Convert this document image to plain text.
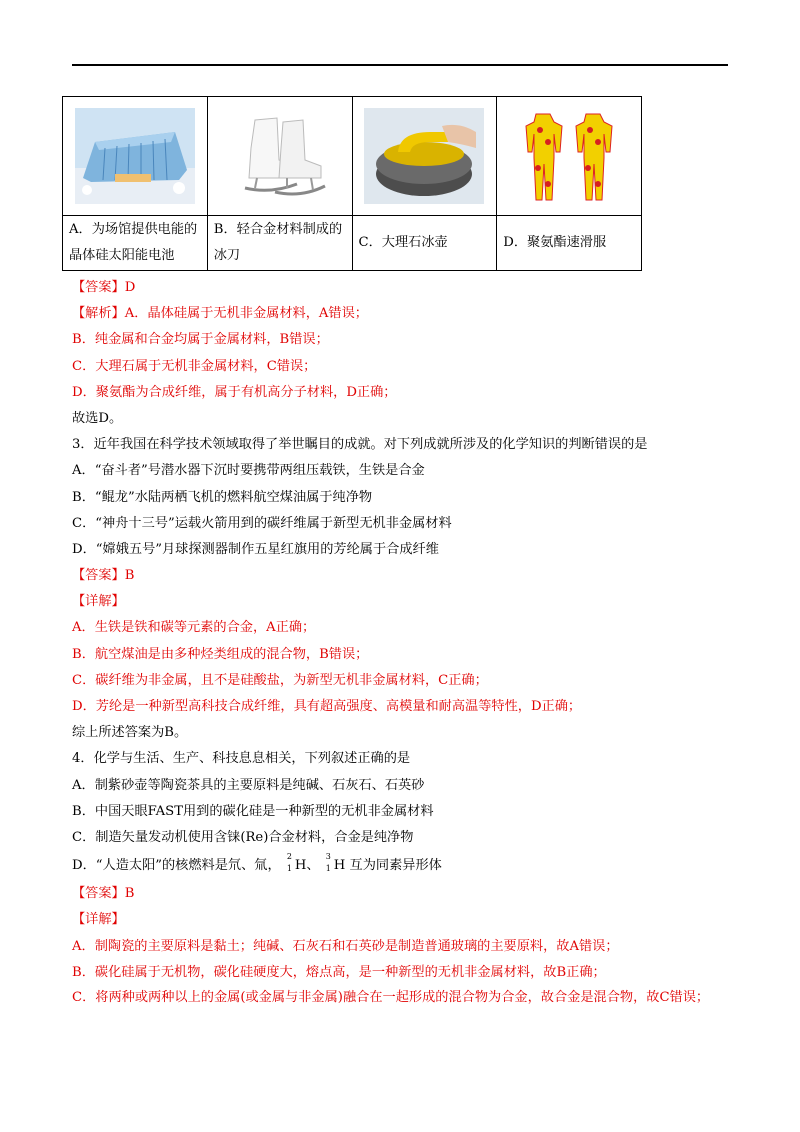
A．为场馆提供电能的晶体硅太阳能电池	B．轻合金材料制成的冰刀	C．大理石冰壶	D．聚氨酯速滑服
【答案】D
【解析】A．晶体硅属于无机非金属材料，A错误；
B．纯金属和合金均属于金属材料，B错误；
C．大理石属于无机非金属材料，C错误；
D．聚氨酯为合成纤维，属于有机高分子材料，D正确；
故选D。
3．近年我国在科学技术领域取得了举世瞩目的成就。对下列成就所涉及的化学知识的判断错误的是
A．“奋斗者”号潜水器下沉时要携带两组压载铁，生铁是合金
B．“鲲龙”水陆两栖飞机的燃料航空煤油属于纯净物
C．“神舟十三号”运载火箭用到的碳纤维属于新型无机非金属材料
D．“嫦娥五号”月球探测器制作五星红旗用的芳纶属于合成纤维
【答案】B
【详解】
A．生铁是铁和碳等元素的合金，A正确；
B．航空煤油是由多种烃类组成的混合物，B错误；
C．碳纤维为非金属，且不是硅酸盐，为新型无机非金属材料，C正确；
D．芳纶是一种新型高科技合成纤维，具有超高强度、高模量和耐高温等特性，D正确；
综上所述答案为B。
4．化学与生活、生产、科技息息相关，下列叙述正确的是
A．制紫砂壶等陶瓷茶具的主要原料是纯碱、石灰石、石英砂
B．中国天眼FAST用到的碳化硅是一种新型的无机非金属材料
C．制造矢量发动机使用含铼(Re)合金材料，合金是纯净物
D．“人造太阳”的核燃料是氘、氚，
2
1 H、
3
1 H 互为同素异形体
【答案】B
【详解】
A．制陶瓷的主要原料是黏土；纯碱、石灰石和石英砂是制造普通玻璃的主要原料，故A错误；
B．碳化硅属于无机物，碳化硅硬度大，熔点高，是一种新型的无机非金属材料，故B正确；
C．将两种或两种以上的金属(或金属与非金属)融合在一起形成的混合物为合金，故合金是混合物，故C错误；
